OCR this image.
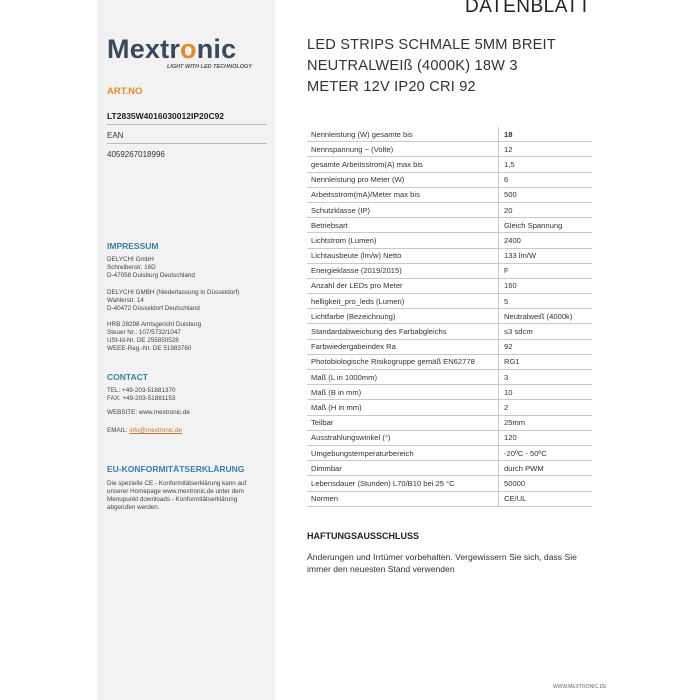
Mextronic
LIGHT WITH LED TECHNOLOGY
ART.NO
LT2835W4016030012IP20C92
EAN
4059267018996
IMPRESSUM
DELYCHI GmbH
Schreiberstr. 16D
D-47058 Duisburg Deutschland
DELYCHI GMBH (Niederlassung in Düsseldorf)
Wahlerstr. 14
D-40472 Düsseldorf Deutschland
HRB 28298 Amtsgericht Duisburg
Steuer Nr.: 107/5732/1047
USt-Id-Nr. DE 255850528
WEEE-Reg.-Nr. DE 51983760
CONTACT
TEL: +49-203-51881370
FAX: +49-203-51881153
WEBSITE: www.mextronic.de
EMAIL: info@mextronic.de
EU-KONFORMITÄTSERKLÄRUNG
Die spezielle CE - Konformitätserklärung kann auf
unserer Homepage www.mextronic.de unter dem
Menupunkt downloads - Konformitätserklärung
abgerufen werden.
DATENBLATT
LED STRIPS SCHMALE 5MM BREIT
NEUTRALWEIß (4000K) 18W 3
METER 12V IP20 CRI 92
Nennleistung (W) gesamte bis	18
Nennspannung ~ (Volte)	12
gesamte Arbeitsstrom(A) max bis	1,5
Nennleistung pro Meter (W)	6
Arbeitsstrom(mA)/Meter max bis	500
Schutzklasse (IP)	20
Betriebsart	Gleich Spannung
Lichtstrom (Lumen)	2400
Lichtausbeute (lm/w) Netto	133 lm/W
Energieklasse (2019/2015)	F
Anzahl der LEDs pro Meter	160
helligkeit_pro_leds (Lumen)	5
Lichtfarbe (Bezeichnung)	Neutralweiß (4000k)
Standardabweichung des Farbabgleichs	≤3 sdcm
Farbwiedergabeindex Ra	92
Photobiologische Risikogruppe gemäß EN62778	RG1
Maß (L in 1000mm)	3
Maß (B in mm)	10
Maß (H in mm)	2
Teilbar	25mm
Ausstrahlungswinkel (°)	120
Umgebungstemperaturbereich	-20ºC - 50ºC
Dimmbar	durch PWM
Lebensdauer (Stunden) L70/B10 bei 25 °C	50000
Normen	CE/UL
HAFTUNGSAUSSCHLUSS
Änderungen und Irrtümer vorbehalten. Vergewissern Sie sich, dass Sie
immer den neuesten Stand verwenden
WWW.MEXTRONIC.DE
